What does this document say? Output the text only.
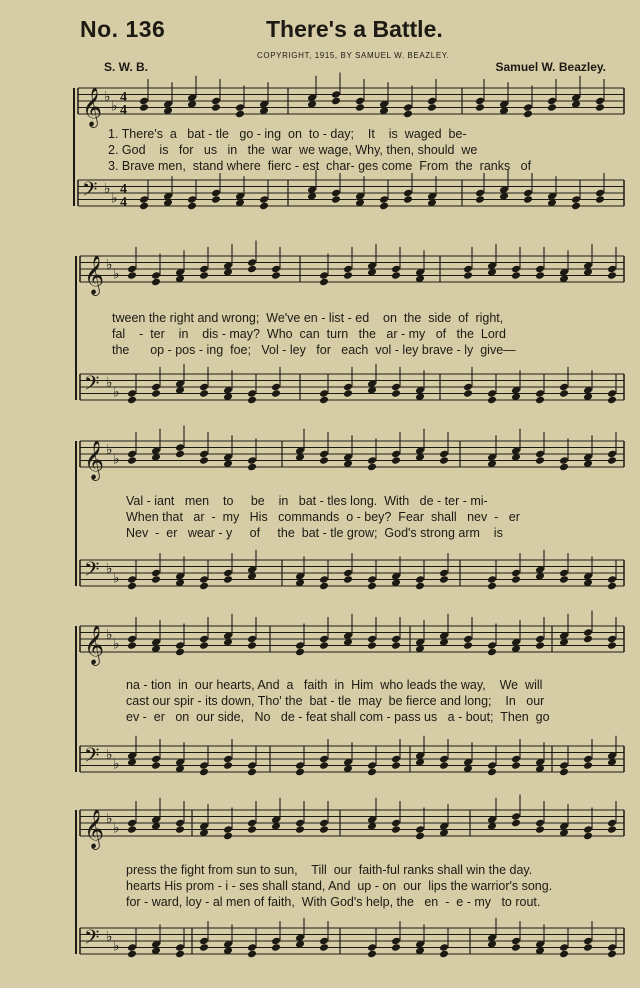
No. 136	There's a Battle.
COPYRIGHT, 1915, BY SAMUEL W. BEAZLEY.
S. W. B.	Samuel W. Beazley.
𝄞 ♭
♭
4
4
𝄢 ♭
♭
4
4
𝄞 ♭
♭
𝄢 ♭
♭
𝄞 ♭
♭
𝄢 ♭
♭
𝄞 ♭
♭
𝄢 ♭
♭
𝄞 ♭
♭
𝄢 ♭
♭
1. There's  a   bat - tle   go - ing  on  to - day;    It    is  waged  be-
2. God    is   for   us   in   the  war  we wage, Why, then, should  we
3. Brave men,  stand where  fierc - est  char- ges come  From  the  ranks   of
tween the right and wrong;  We've en - list - ed    on  the  side  of  right,
fal    -  ter    in    dis - may?  Who  can  turn   the   ar - my   of   the  Lord
the      op - pos - ing  foe;   Vol - ley   for   each  vol - ley brave - ly  give—
Val - iant   men    to     be    in   bat - tles long.  With   de - ter - mi-
When that   ar  -  my   His   commands  o - bey?  Fear  shall   nev  -   er
Nev  -  er   wear - y     of     the  bat - tle grow;  God's strong arm    is
na - tion  in  our hearts, And  a   faith  in  Him  who leads the way,    We  will
cast our spir - its down, Tho' the  bat - tle  may  be fierce and long;    In   our
ev -  er   on  our side,   No   de - feat shall com - pass us   a - bout;  Then  go
press the fight from sun to sun,    Till  our  faith-ful ranks shall win the day.
hearts His prom - i - ses shall stand, And  up - on  our  lips the warrior's song.
for - ward, loy - al men of faith,  With God's help, the   en  -  e - my   to rout.
